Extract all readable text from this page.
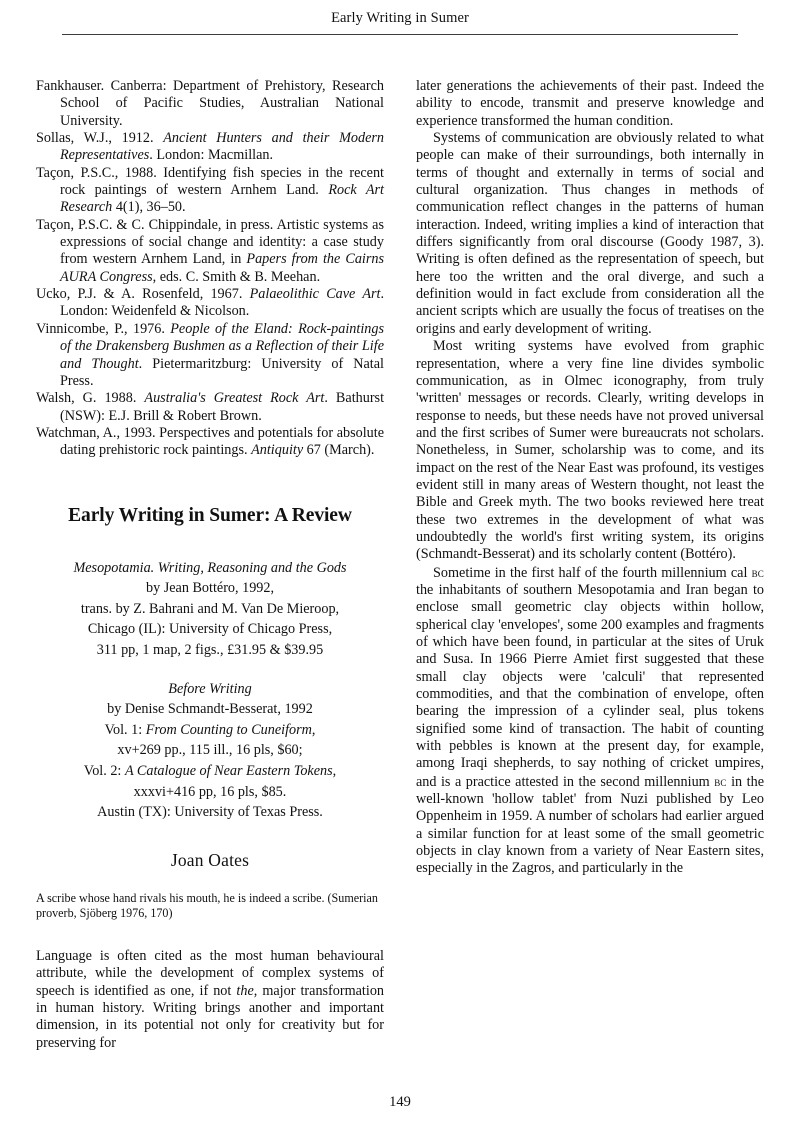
Early Writing in Sumer

Fankhauser. Canberra: Department of Prehistory, Research School of Pacific Studies, Australian National University.

Sollas, W.J., 1912. Ancient Hunters and their Modern Representatives. London: Macmillan.

Taçon, P.S.C., 1988. Identifying fish species in the recent rock paintings of western Arnhem Land. Rock Art Research 4(1), 36–50.

Taçon, P.S.C. & C. Chippindale, in press. Artistic systems as expressions of social change and identity: a case study from western Arnhem Land, in Papers from the Cairns AURA Congress, eds. C. Smith & B. Meehan.

Ucko, P.J. & A. Rosenfeld, 1967. Palaeolithic Cave Art. London: Weidenfeld & Nicolson.

Vinnicombe, P., 1976. People of the Eland: Rock-paintings of the Drakensberg Bushmen as a Reflection of their Life and Thought. Pietermaritzburg: University of Natal Press.

Walsh, G. 1988. Australia's Greatest Rock Art. Bathurst (NSW): E.J. Brill & Robert Brown.

Watchman, A., 1993. Perspectives and potentials for absolute dating prehistoric rock paintings. Antiquity 67 (March).

Early Writing in Sumer: A Review
Mesopotamia. Writing, Reasoning and the Gods
by Jean Bottéro, 1992,
trans. by Z. Bahrani and M. Van De Mieroop,
Chicago (IL): University of Chicago Press,
311 pp, 1 map, 2 figs., £31.95 & $39.95
Before Writing
by Denise Schmandt-Besserat, 1992
Vol. 1: From Counting to Cuneiform,
xv+269 pp., 115 ill., 16 pls, $60;
Vol. 2: A Catalogue of Near Eastern Tokens,
xxxvi+416 pp, 16 pls, $85.
Austin (TX): University of Texas Press.
Joan Oates
A scribe whose hand rivals his mouth, he is indeed a scribe. (Sumerian proverb, Sjöberg 1976, 170)

Language is often cited as the most human behavioural attribute, while the development of complex systems of speech is identified as one, if not the, major transformation in human history. Writing brings another and important dimension, in its potential not only for creativity but for preserving for

later generations the achievements of their past. Indeed the ability to encode, transmit and preserve knowledge and experience transformed the human condition.

Systems of communication are obviously related to what people can make of their surroundings, both internally in terms of thought and externally in terms of social and cultural organization. Thus changes in methods of communication reflect changes in the patterns of human interaction. Indeed, writing implies a kind of interaction that differs significantly from oral discourse (Goody 1987, 3). Writing is often defined as the representation of speech, but here too the written and the oral diverge, and such a definition would in fact exclude from consideration all the ancient scripts which are usually the focus of treatises on the origins and early development of writing.

Most writing systems have evolved from graphic representation, where a very fine line divides symbolic communication, as in Olmec iconography, from truly 'written' messages or records. Clearly, writing develops in response to needs, but these needs have not proved universal and the first scribes of Sumer were bureaucrats not scholars. Nonetheless, in Sumer, scholarship was to come, and its impact on the rest of the Near East was profound, its vestiges evident still in many areas of Western thought, not least the Bible and Greek myth. The two books reviewed here treat these two extremes in the development of what was undoubtedly the world's first writing system, its origins (Schmandt-Besserat) and its scholarly content (Bottéro).

Sometime in the first half of the fourth millennium cal bc the inhabitants of southern Mesopotamia and Iran began to enclose small geometric clay objects within hollow, spherical clay 'envelopes', some 200 examples and fragments of which have been found, in particular at the sites of Uruk and Susa. In 1966 Pierre Amiet first suggested that these small clay objects were 'calculi' that represented commodities, and that the combination of envelope, often bearing the impression of a cylinder seal, plus tokens signified some kind of transaction. The habit of counting with pebbles is known at the present day, for example, among Iraqi shepherds, to say nothing of cricket umpires, and is a practice attested in the second millennium bc in the well-known 'hollow tablet' from Nuzi published by Leo Oppenheim in 1959. A number of scholars had earlier argued a similar function for at least some of the small geometric objects in clay known from a variety of Near Eastern sites, especially in the Zagros, and particularly in the

149
